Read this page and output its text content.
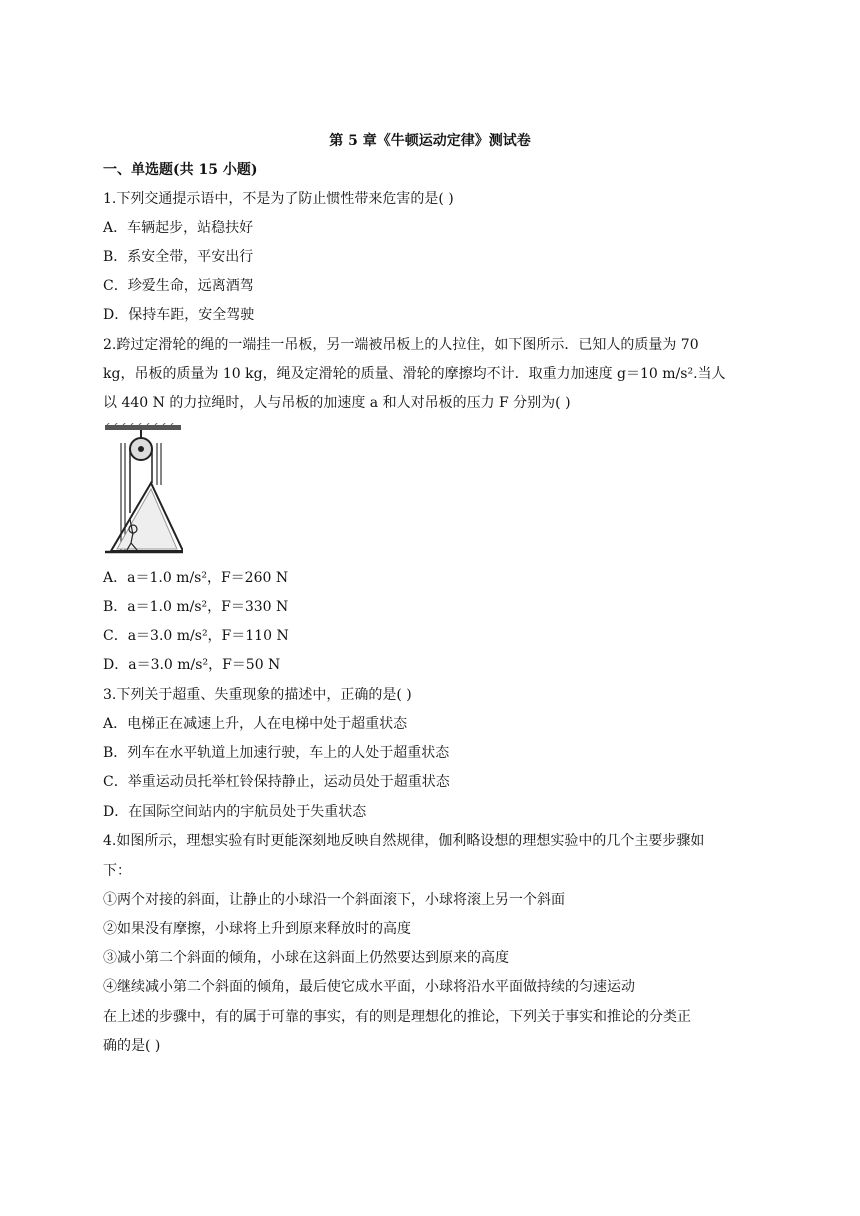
第 5 章《牛顿运动定律》测试卷
一、单选题(共 15 小题)
1.下列交通提示语中，不是为了防止惯性带来危害的是( )
A．车辆起步，站稳扶好
B．系安全带，平安出行
C．珍爱生命，远离酒驾
D．保持车距，安全驾驶
2.跨过定滑轮的绳的一端挂一吊板，另一端被吊板上的人拉住，如下图所示．已知人的质量为 70
kg，吊板的质量为 10 kg，绳及定滑轮的质量、滑轮的摩擦均不计．取重力加速度 g＝10 m/s².当人
以 440 N 的力拉绳时，人与吊板的加速度 a 和人对吊板的压力 F 分别为( )
A．a＝1.0 m/s²，F＝260 N
B．a＝1.0 m/s²，F＝330 N
C．a＝3.0 m/s²，F＝110 N
D．a＝3.0 m/s²，F＝50 N
3.下列关于超重、失重现象的描述中，正确的是( )
A．电梯正在减速上升，人在电梯中处于超重状态
B．列车在水平轨道上加速行驶，车上的人处于超重状态
C．举重运动员托举杠铃保持静止，运动员处于超重状态
D．在国际空间站内的宇航员处于失重状态
4.如图所示，理想实验有时更能深刻地反映自然规律，伽利略设想的理想实验中的几个主要步骤如
下：
①两个对接的斜面，让静止的小球沿一个斜面滚下，小球将滚上另一个斜面
②如果没有摩擦，小球将上升到原来释放时的高度
③减小第二个斜面的倾角，小球在这斜面上仍然要达到原来的高度
④继续减小第二个斜面的倾角，最后使它成水平面，小球将沿水平面做持续的匀速运动
在上述的步骤中，有的属于可靠的事实，有的则是理想化的推论，下列关于事实和推论的分类正
确的是( )
